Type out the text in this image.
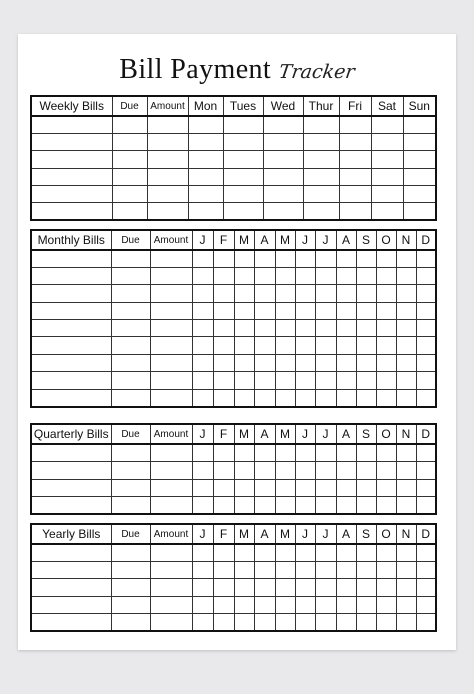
Bill Payment Tracker
Weekly Bills	Due	Amount	Mon	Tues	Wed	Thur	Fri	Sat	Sun

Monthly Bills	Due	Amount	J	F	M	A	M	J	J	A	S	O	N	D

Quarterly Bills	Due	Amount	J	F	M	A	M	J	J	A	S	O	N	D

Yearly Bills	Due	Amount	J	F	M	A	M	J	J	A	S	O	N	D
